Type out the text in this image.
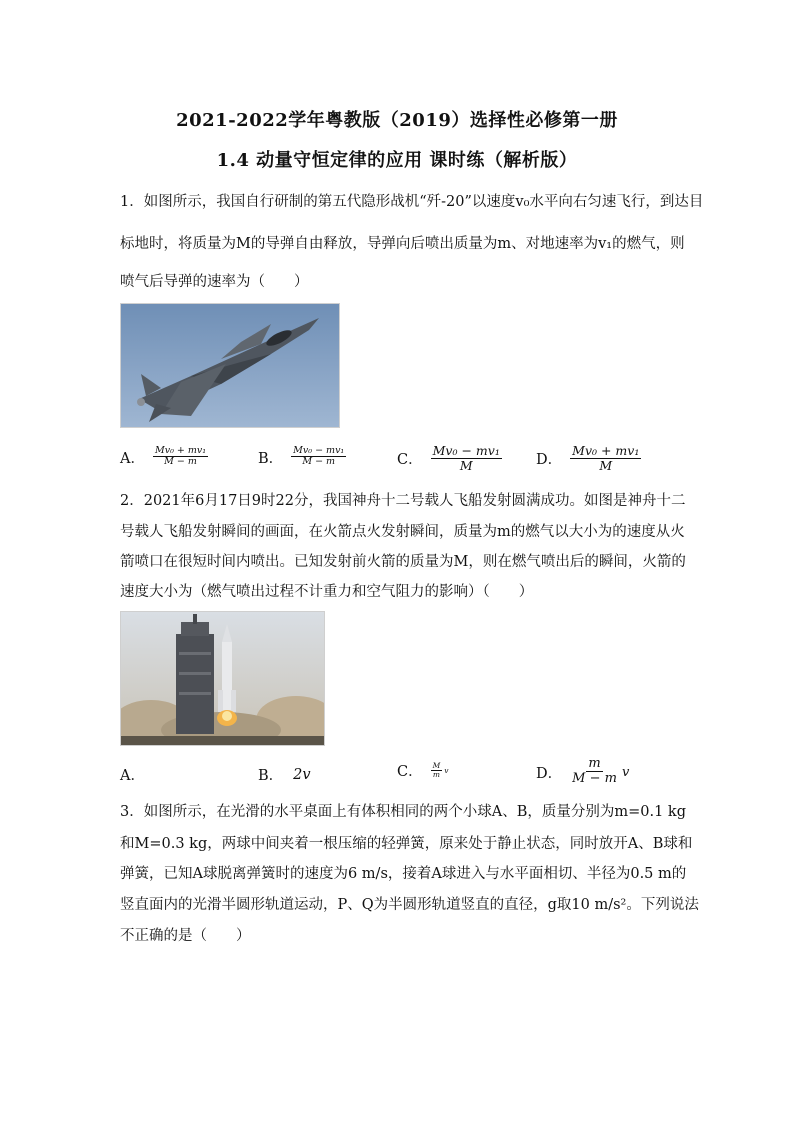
2021-2022学年粤教版（2019）选择性必修第一册
1.4 动量守恒定律的应用 课时练（解析版）
1．如图所示，我国自行研制的第五代隐形战机“歼-20”以速度v₀水平向右匀速飞行，到达目
标地时，将质量为M的导弹自由释放，导弹向后喷出质量为m、对地速率为v₁的燃气，则
喷气后导弹的速率为（　　）
A． $\frac{\text{Mv₀ + mv₁}}{M - m}$	B． $\frac{\text{Mv₀ − mv₁}}{M - m}$	C． $\frac{\text{Mv₀ − mv₁}}{M}$ D． $\frac{\text{Mv₀ + mv₁}}{M}$
2．2021年6月17日9时22分，我国神舟十二号载人飞船发射圆满成功。如图是神舟十二
号载人飞船发射瞬间的画面，在火箭点火发射瞬间，质量为m的燃气以大小为的速度从火
箭喷口在很短时间内喷出。已知发射前火箭的质量为M，则在燃气喷出后的瞬间，火箭的
速度大小为（燃气喷出过程不计重力和空气阻力的影响）（　　）
A．	B． 2v	C． $\frac{M}{m}$ v	D． $\frac{m}{M - m}$ v
3．如图所示，在光滑的水平桌面上有体积相同的两个小球A、B，质量分别为m=0.1 kg
和M=0.3 kg，两球中间夹着一根压缩的轻弹簧，原来处于静止状态，同时放开A、B球和
弹簧，已知A球脱离弹簧时的速度为6 m/s，接着A球进入与水平面相切、半径为0.5 m的
竖直面内的光滑半圆形轨道运动，P、Q为半圆形轨道竖直的直径，g取10 m/s²。下列说法
不正确的是（　　）
